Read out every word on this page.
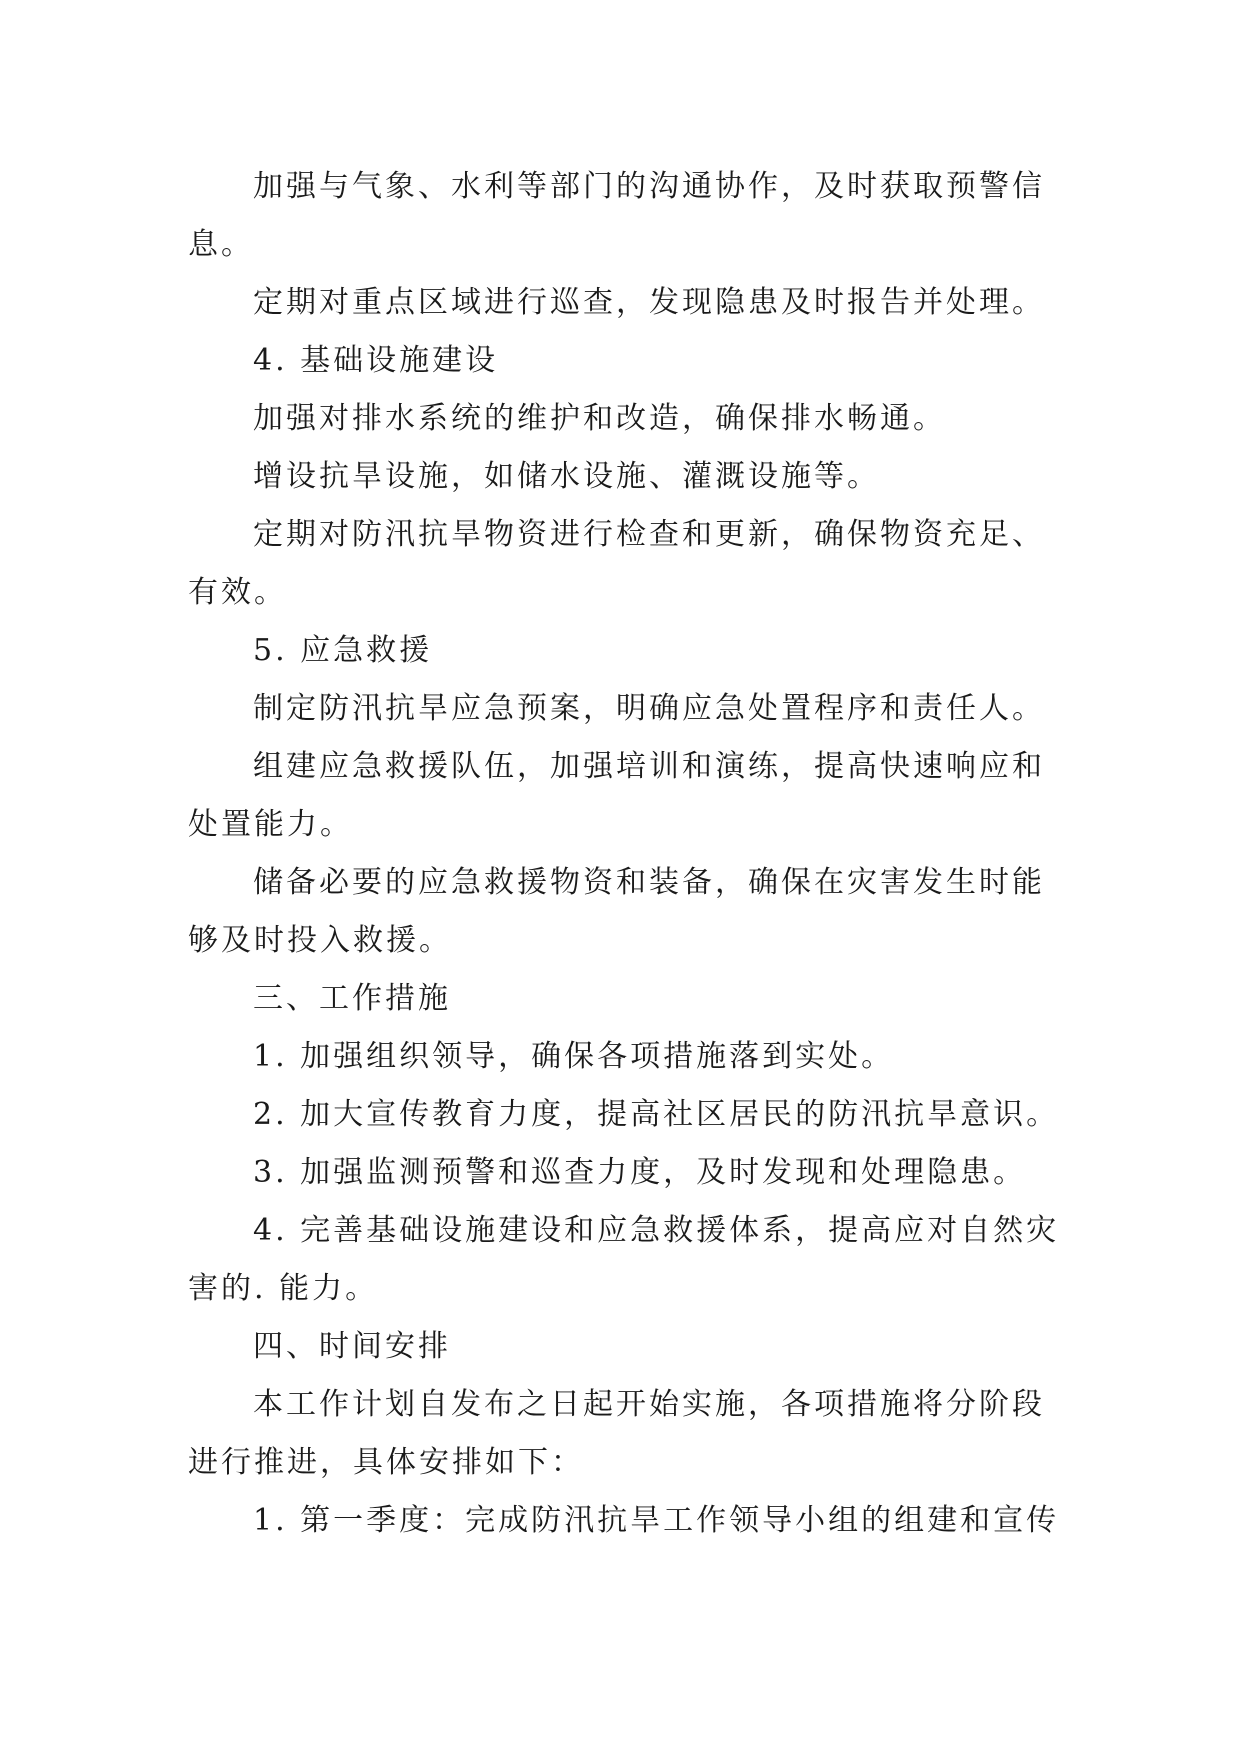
加强与气象、水利等部门的沟通协作，及时获取预警信息。

定期对重点区域进行巡查，发现隐患及时报告并处理。

4. 基础设施建设

加强对排水系统的维护和改造，确保排水畅通。

增设抗旱设施，如储水设施、灌溉设施等。

定期对防汛抗旱物资进行检查和更新，确保物资充足、有效。

5. 应急救援

制定防汛抗旱应急预案，明确应急处置程序和责任人。

组建应急救援队伍，加强培训和演练，提高快速响应和处置能力。

储备必要的应急救援物资和装备，确保在灾害发生时能够及时投入救援。

三、工作措施

1. 加强组织领导，确保各项措施落到实处。

2. 加大宣传教育力度，提高社区居民的防汛抗旱意识。

3. 加强监测预警和巡查力度，及时发现和处理隐患。

4. 完善基础设施建设和应急救援体系，提高应对自然灾害的. 能力。

四、时间安排

本工作计划自发布之日起开始实施，各项措施将分阶段进行推进，具体安排如下：

1. 第一季度：完成防汛抗旱工作领导小组的组建和宣传
